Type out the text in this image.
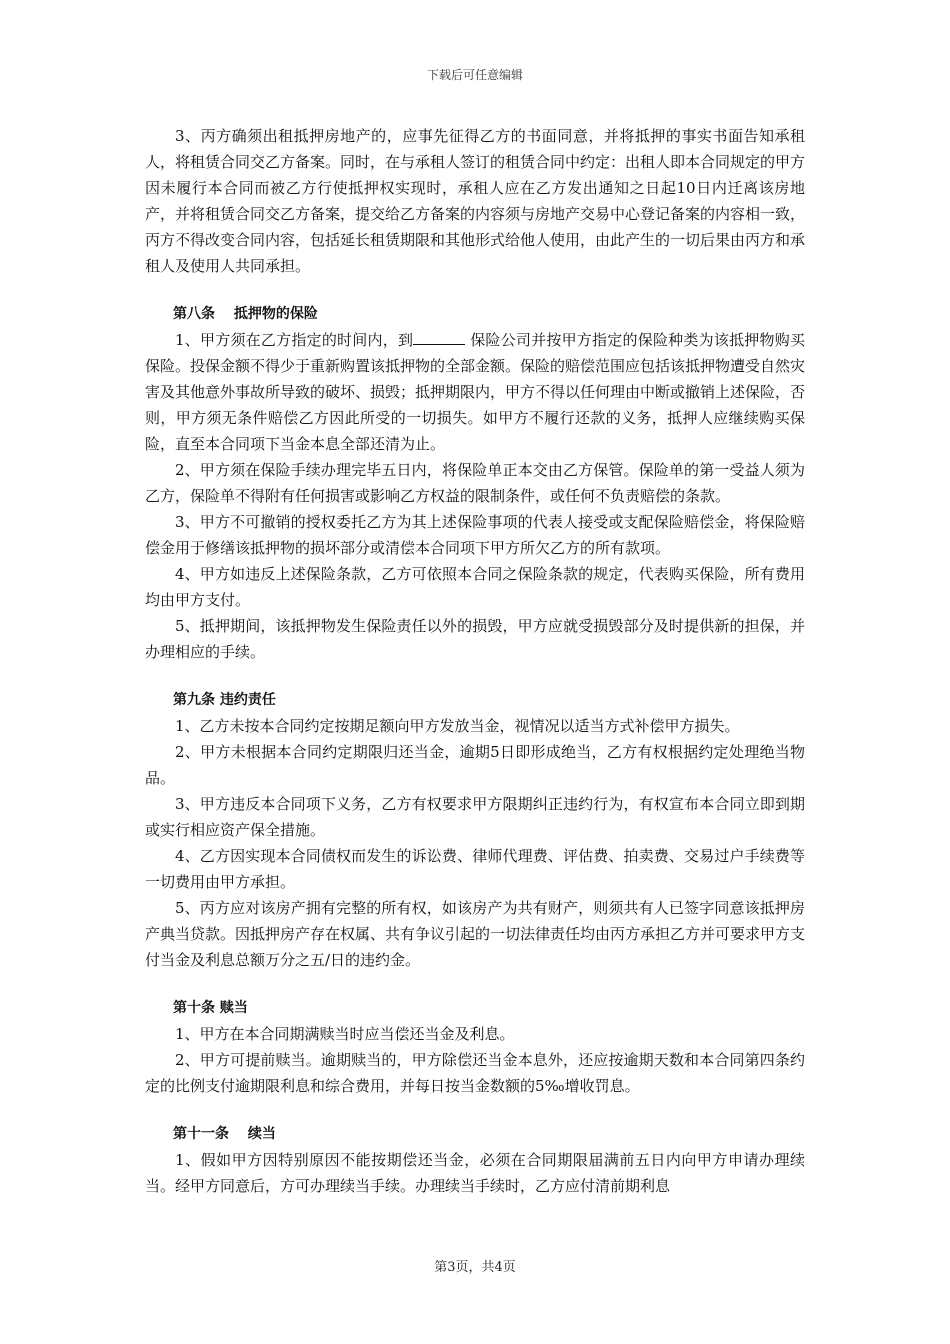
下载后可任意编辑

3、丙方确须出租抵押房地产的，应事先征得乙方的书面同意，并将抵押的事实书面告知承租人，将租赁合同交乙方备案。同时，在与承租人签订的租赁合同中约定：出租人即本合同规定的甲方因未履行本合同而被乙方行使抵押权实现时，承租人应在乙方发出通知之日起10日内迁离该房地产，并将租赁合同交乙方备案，提交给乙方备案的内容须与房地产交易中心登记备案的内容相一致，丙方不得改变合同内容，包括延长租赁期限和其他形式给他人使用，由此产生的一切后果由丙方和承租人及使用人共同承担。

第八条　 抵押物的保险

1、甲方须在乙方指定的时间内，到	保险公司并按甲方指定的保险种类为该抵押物购买保险。投保金额不得少于重新购置该抵押物的全部金额。保险的赔偿范围应包括该抵押物遭受自然灾害及其他意外事故所导致的破坏、损毁；抵押期限内，甲方不得以任何理由中断或撤销上述保险，否则，甲方须无条件赔偿乙方因此所受的一切损失。如甲方不履行还款的义务，抵押人应继续购买保险，直至本合同项下当金本息全部还清为止。

2、甲方须在保险手续办理完毕五日内，将保险单正本交由乙方保管。保险单的第一受益人须为乙方，保险单不得附有任何损害或影响乙方权益的限制条件，或任何不负责赔偿的条款。

3、甲方不可撤销的授权委托乙方为其上述保险事项的代表人接受或支配保险赔偿金，将保险赔偿金用于修缮该抵押物的损坏部分或清偿本合同项下甲方所欠乙方的所有款项。

4、甲方如违反上述保险条款，乙方可依照本合同之保险条款的规定，代表购买保险，所有费用均由甲方支付。

5、抵押期间，该抵押物发生保险责任以外的损毁，甲方应就受损毁部分及时提供新的担保，并办理相应的手续。

第九条 违约责任

1、乙方未按本合同约定按期足额向甲方发放当金，视情况以适当方式补偿甲方损失。

2、甲方未根据本合同约定期限归还当金，逾期5日即形成绝当，乙方有权根据约定处理绝当物品。

3、甲方违反本合同项下义务，乙方有权要求甲方限期纠正违约行为，有权宣布本合同立即到期或实行相应资产保全措施。

4、乙方因实现本合同债权而发生的诉讼费、律师代理费、评估费、拍卖费、交易过户手续费等一切费用由甲方承担。

5、丙方应对该房产拥有完整的所有权，如该房产为共有财产，则须共有人已签字同意该抵押房产典当贷款。因抵押房产存在权属、共有争议引起的一切法律责任均由丙方承担乙方并可要求甲方支付当金及利息总额万分之五/日的违约金。

第十条 赎当

1、甲方在本合同期满赎当时应当偿还当金及利息。

2、甲方可提前赎当。逾期赎当的，甲方除偿还当金本息外，还应按逾期天数和本合同第四条约定的比例支付逾期限利息和综合费用，并每日按当金数额的5‰增收罚息。

第十一条　 续当

1、假如甲方因特别原因不能按期偿还当金，必须在合同期限届满前五日内向甲方申请办理续当。经甲方同意后，方可办理续当手续。办理续当手续时，乙方应付清前期利息

第3页，共4页
